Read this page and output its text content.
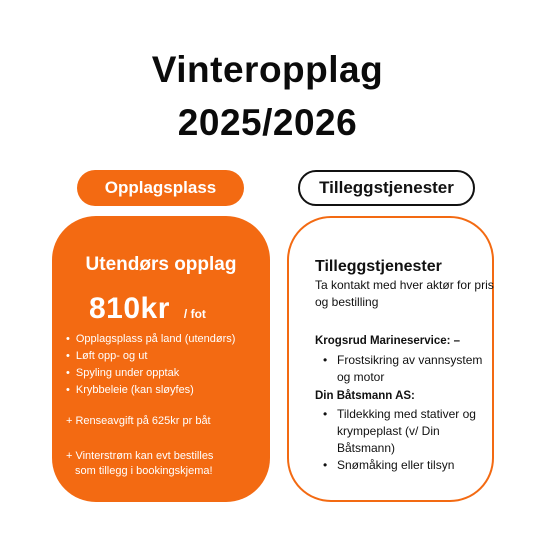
Vinteropplag
2025/2026
Opplagsplass	Tilleggstjenester
Utendørs opplag
810kr / fot
• Opplagsplass på land (utendørs)
• Løft opp- og ut
• Spyling under opptak
• Krybbeleie (kan sløyfes)
+ Renseavgift på 625kr pr båt
+ Vinterstrøm kan evt bestilles
som tillegg i bookingskjema!
Tilleggstjenester
Ta kontakt med hver aktør for pris og bestilling
Krogsrud Marineservice: –
• Frostsikring av vannsystem og motor
Din Båtsmann AS:
• Tildekking med stativer og krympeplast (v/ Din Båtsmann)
• Snømåking eller tilsyn
